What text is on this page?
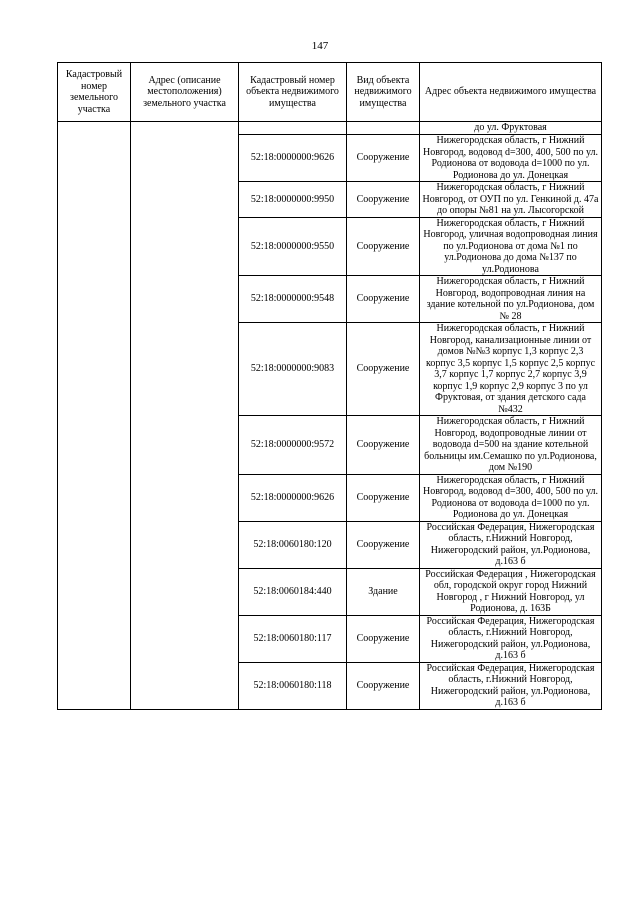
147
Кадастровый номер земельного участка	Адрес (описание местоположения) земельного участка	Кадастровый номер объекта недвижимого имущества	Вид объекта недвижимого имущества	Адрес объекта недвижимого имущества
				до ул. Фруктовая
		52:18:0000000:9626	Сооружение	Нижегородская область, г Нижний Новгород, водовод d=300, 400, 500 по ул. Родионова от водовода d=1000 по ул. Родионова до ул. Донецкая
		52:18:0000000:9950	Сооружение	Нижегородская область, г Нижний Новгород, от ОУП по ул. Генкиной д. 47а до опоры №81 на ул. Лысогорской
		52:18:0000000:9550	Сооружение	Нижегородская область, г Нижний Новгород, уличная водопроводная линия по ул.Родионова от дома №1 по ул.Родионова до дома №137 по ул.Родионова
		52:18:0000000:9548	Сооружение	Нижегородская область, г Нижний Новгород, водопроводная линия на здание котельной по ул.Родионова, дом № 28
		52:18:0000000:9083	Сооружение	Нижегородская область, г Нижний Новгород, канализационные линии от домов №№3 корпус 1,3 корпус 2,3 корпус 3,5 корпус 1,5 корпус 2,5 корпус 3,7 корпус 1,7 корпус 2,7 корпус 3,9 корпус 1,9 корпус 2,9 корпус 3 по ул Фруктовая, от здания детского сада №432
		52:18:0000000:9572	Сооружение	Нижегородская область, г Нижний Новгород, водопроводные линии от водовода d=500 на здание котельной больницы им.Семашко по ул.Родионова, дом №190
		52:18:0000000:9626	Сооружение	Нижегородская область, г Нижний Новгород, водовод d=300, 400, 500 по ул. Родионова от водовода d=1000 по ул. Родионова до ул. Донецкая
		52:18:0060180:120	Сооружение	Российская Федерация, Нижегородская область, г.Нижний Новгород, Нижегородский район, ул.Родионова, д.163 б
		52:18:0060184:440	Здание	Российская Федерация , Нижегородская обл, городской округ город Нижний Новгород , г Нижний Новгород, ул Родионова, д. 163Б
		52:18:0060180:117	Сооружение	Российская Федерация, Нижегородская область, г.Нижний Новгород, Нижегородский район, ул.Родионова, д.163 б
		52:18:0060180:118	Сооружение	Российская Федерация, Нижегородская область, г.Нижний Новгород, Нижегородский район, ул.Родионова, д.163 б
